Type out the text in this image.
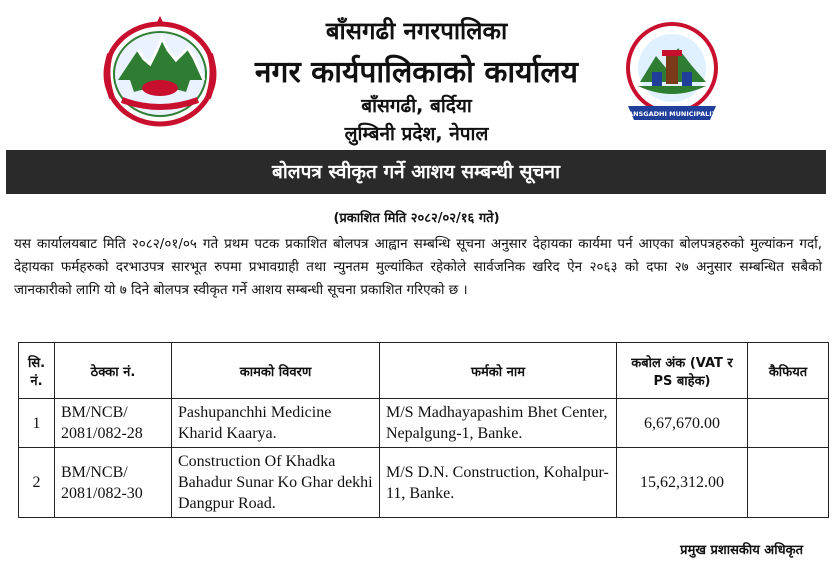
बाँसगढी नगरपालिका
नगर कार्यपालिकाको कार्यालय
बाँसगढी, बर्दिया
लुम्बिनी प्रदेश, नेपाल
BANSGADHI MUNICIPALITY
बोलपत्र स्वीकृत गर्ने आशय सम्बन्धी सूचना
(प्रकाशित मिति २०८२/०२/१६ गते)
यस कार्यालयबाट मिति २०८२/०१/०५ गते प्रथम पटक प्रकाशित बोलपत्र आह्वान सम्बन्धि सूचना अनुसार देहायका कार्यमा पर्न आएका बोलपत्रहरुको मुल्यांकन गर्दा, देहायका फर्महरुको दरभाउपत्र सारभूत रुपमा प्रभावग्राही तथा न्युनतम मुल्यांकित रहेकोले सार्वजनिक खरिद ऐन २०६३ को दफा २७ अनुसार सम्बन्धित सबैको जानकारीको लागि यो ७ दिने बोलपत्र स्वीकृत गर्ने आशय सम्बन्धी सूचना प्रकाशित गरिएको छ ।
सि. नं.	ठेक्का नं.	कामको विवरण	फर्मको नाम	कबोल अंक (VAT र PS बाहेक)	कैफियत
1	BM/NCB/ 2081/082-28	Pashupanchhi Medicine Kharid Kaarya.	M/S Madhayapashim Bhet Center, Nepalgung-1, Banke.	6,67,670.00	
2	BM/NCB/ 2081/082-30	Construction Of Khadka Bahadur Sunar Ko Ghar dekhi Dangpur Road.	M/S D.N. Construction, Kohalpur-11, Banke.	15,62,312.00	
प्रमुख प्रशासकीय अधिकृत
